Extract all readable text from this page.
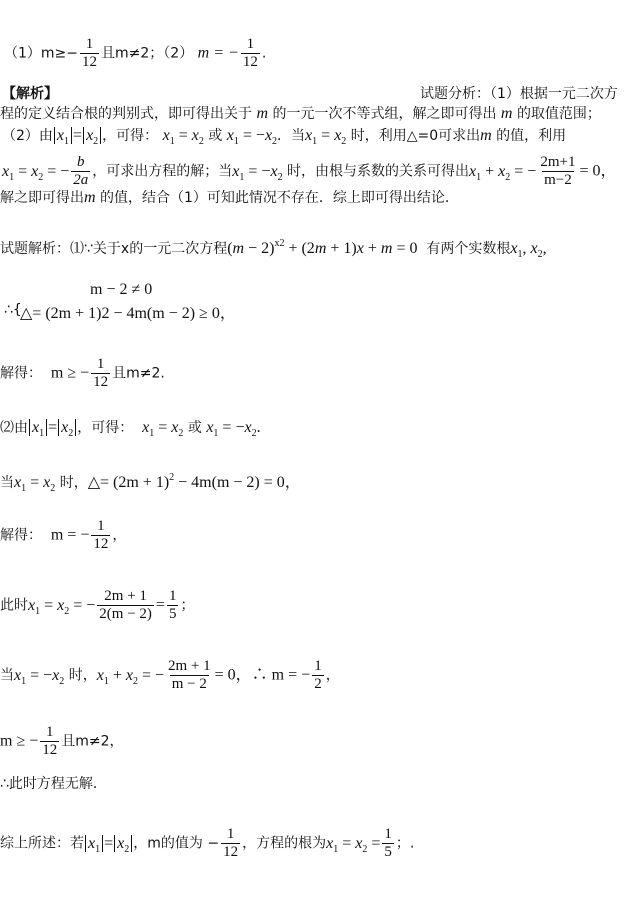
$(1)m\ge- \frac{1}{12}$ 且m≠2；（2） m = − $\frac{1}{12}$ .
【解析】	试题分析：（1）根据一元二次方
程的定义结合根的判别式，即可得出关于 m 的一元一次不等式组，解之即可得出 m 的取值范围；
（2）由 $x_1 = x_2$ ，可得： $x_1 = x_2$ 或 $x_1 = -x_2$．当$x_1 = x_2$ 时，利用△=0可求出m 的值，利用
$x_1 = x_2$ = − $\frac{b}{2a}$ ，可求出方程的解；当$x_1 = -x_2$ 时，由根与系数的关系可得出$x_1 + x_2$ = − $\frac{2m+1}{m-2} = 0$，
解之即可得出m 的值，结合（1）可知此情况不存在．综上即可得出结论．
试题解析：⑴∵关于x的一元二次方程$(m - 2)^{x2} + (2m + 1)x + m = 0$ 有两个实数根$x_1$, $x_2$,
m − 2 ≠ 0
∴{
△= (2m + 1)2 − 4m(m − 2) ≥ 0，
解得： m ≥ − $\frac{1}{12}$ 且m≠2.
⑵由 $x_1 = x_2$ ，可得： $x_1 = x_2$ 或 $x_1 = -x_2$.
当$x_1 = x_2$ 时，△= $(2m + 1)^2 - 4m(m - 2) = 0$，
解得： m = − $\frac{1}{12}$ ，
此时$x_1 = x_2$ = − $\frac{2m + 1}{2(m - 2)} = \frac{1}{5}$ ；
当$x_1 = -x_2$ 时，$x_1 + x_2$ = − $\frac{2m + 1}{m - 2} = 0$，∴ m = − $\frac{1}{2}$ ，
m ≥ − $\frac{1}{12}$ 且m≠2，
∴此时方程无解.
综上所述：若 $x_1 = x_2$ ，m的值为 − $\frac{1}{12}$ ，方程的根为$x_1 = x_2 = \frac{1}{5}$ ；.
